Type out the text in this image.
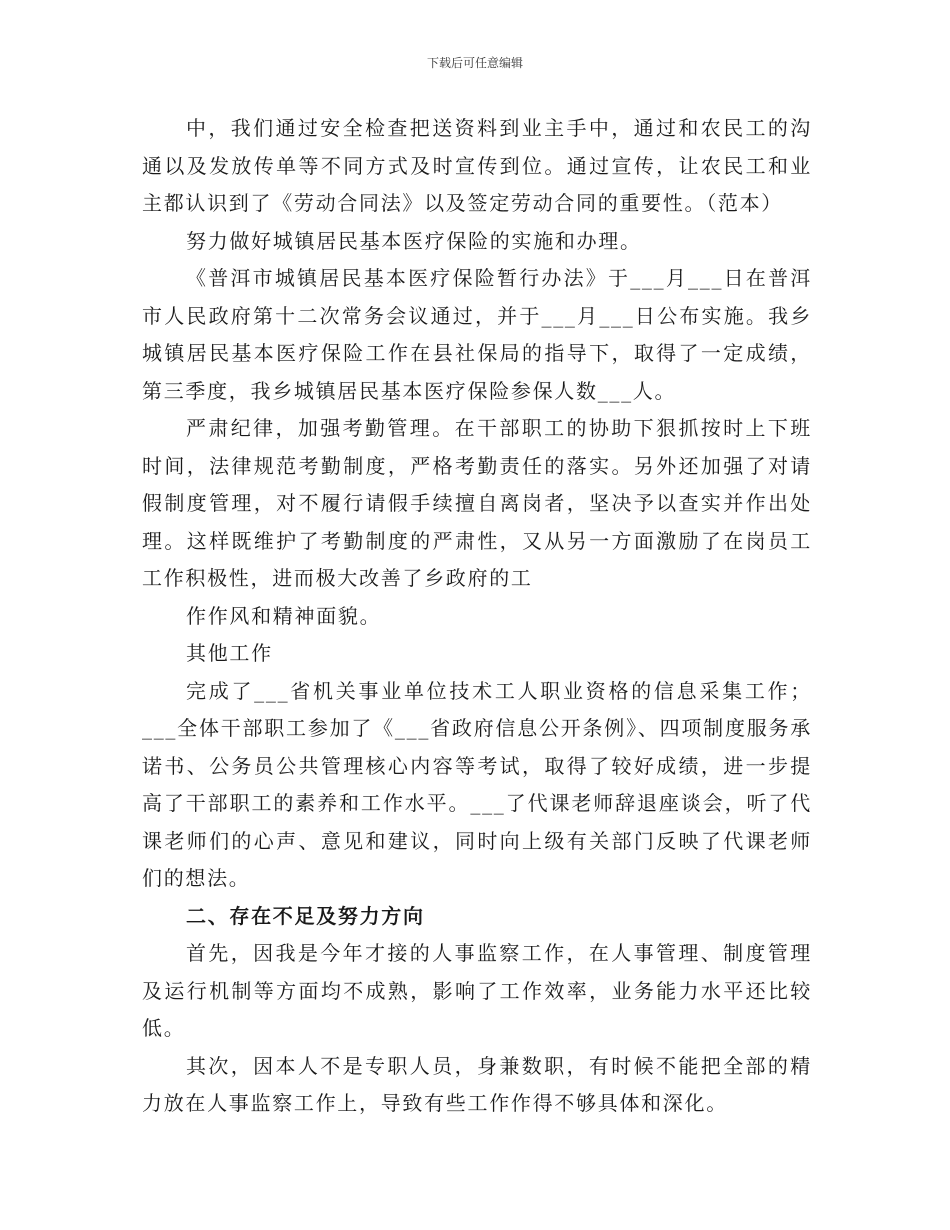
下载后可任意编辑

中，我们通过安全检查把送资料到业主手中，通过和农民工的沟通以及发放传单等不同方式及时宣传到位。通过宣传，让农民工和业主都认识到了《劳动合同法》以及签定劳动合同的重要性。（范本）

努力做好城镇居民基本医疗保险的实施和办理。

《普洱市城镇居民基本医疗保险暂行办法》于___月___日在普洱市人民政府第十二次常务会议通过，并于___月___日公布实施。我乡城镇居民基本医疗保险工作在县社保局的指导下，取得了一定成绩，第三季度，我乡城镇居民基本医疗保险参保人数___人。

严肃纪律，加强考勤管理。在干部职工的协助下狠抓按时上下班时间，法律规范考勤制度，严格考勤责任的落实。另外还加强了对请假制度管理，对不履行请假手续擅自离岗者，坚决予以查实并作出处理。这样既维护了考勤制度的严肃性，又从另一方面激励了在岗员工工作积极性，进而极大改善了乡政府的工

作作风和精神面貌。

其他工作

完成了___省机关事业单位技术工人职业资格的信息采集工作；___全体干部职工参加了《___省政府信息公开条例》、四项制度服务承诺书、公务员公共管理核心内容等考试，取得了较好成绩，进一步提高了干部职工的素养和工作水平。___了代课老师辞退座谈会，听了代课老师们的心声、意见和建议，同时向上级有关部门反映了代课老师们的想法。

二、存在不足及努力方向

首先，因我是今年才接的人事监察工作，在人事管理、制度管理及运行机制等方面均不成熟，影响了工作效率，业务能力水平还比较低。

其次，因本人不是专职人员，身兼数职，有时候不能把全部的精力放在人事监察工作上，导致有些工作作得不够具体和深化。
